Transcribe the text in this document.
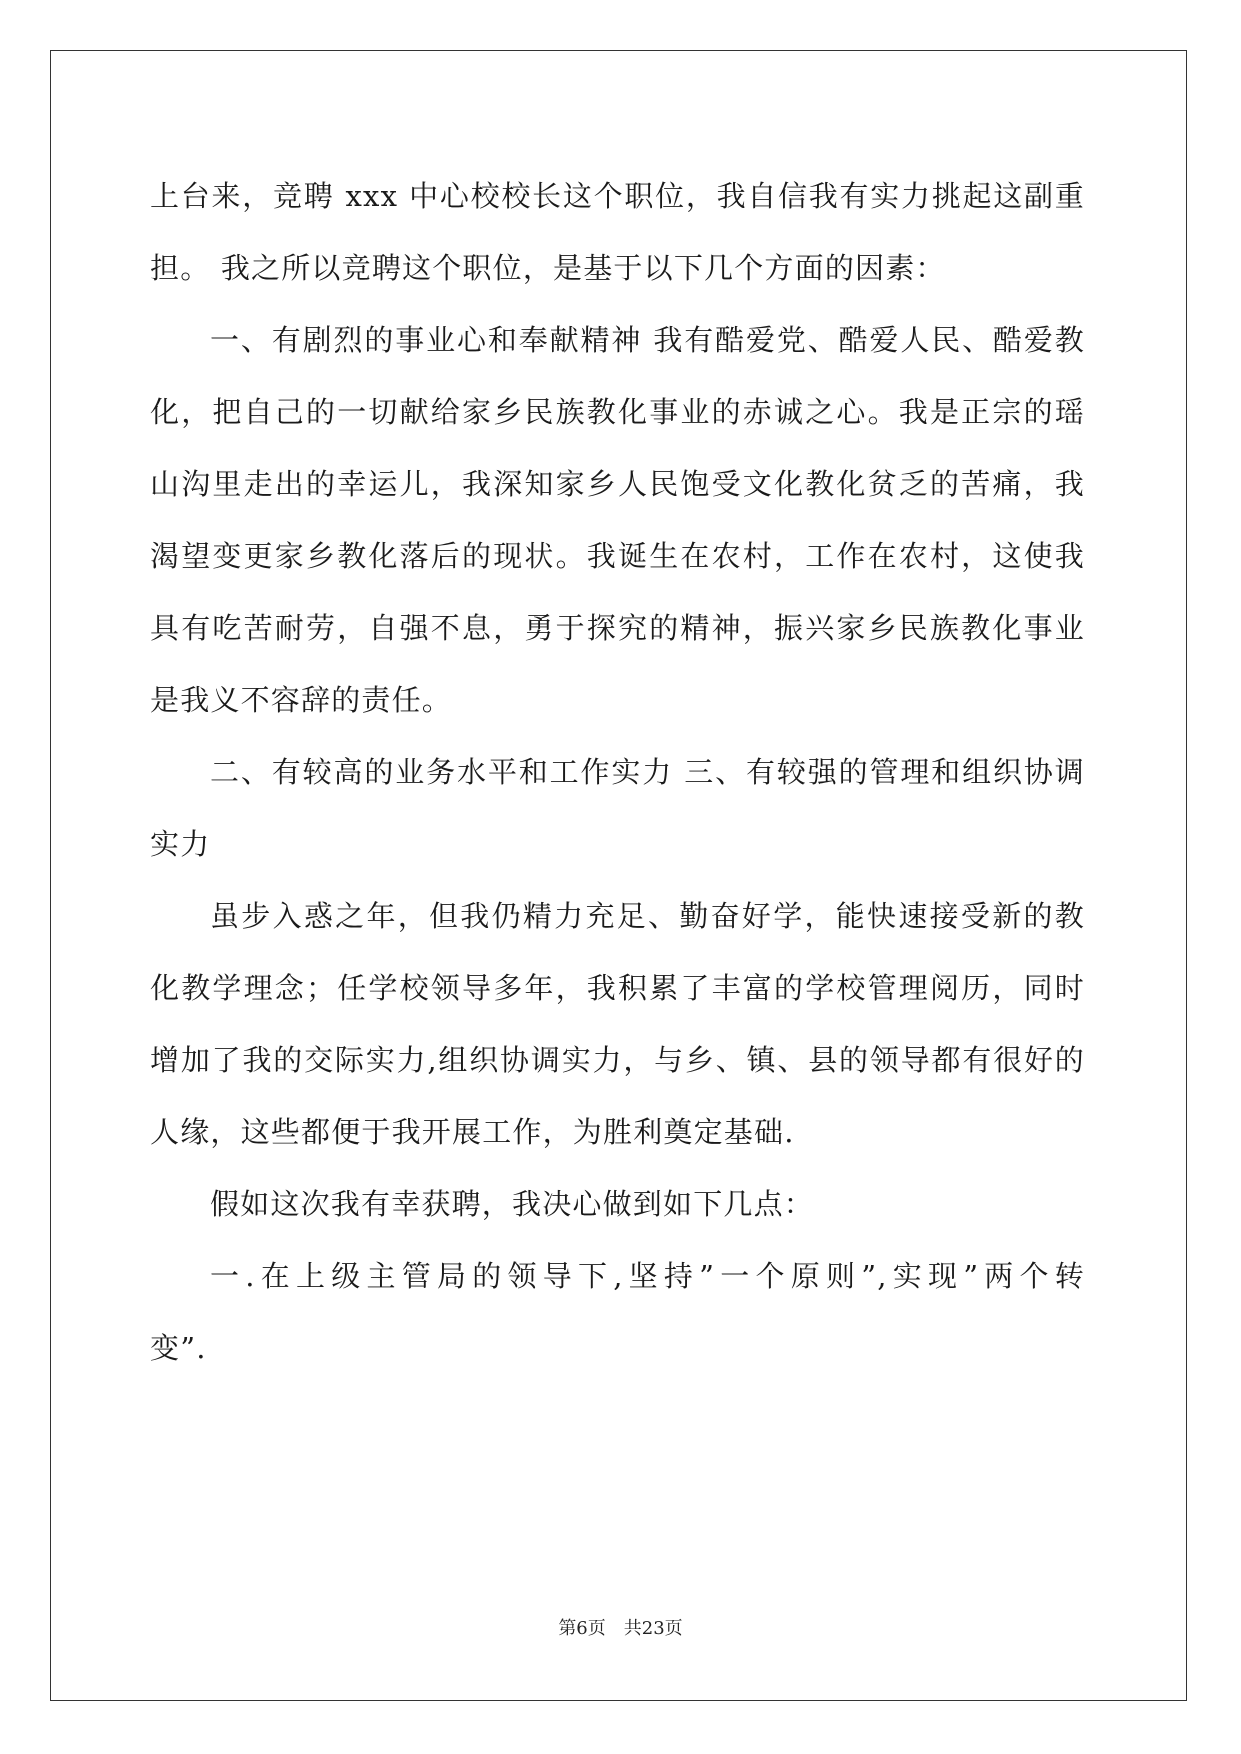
上台来，竞聘 xxx 中心校校长这个职位，我自信我有实力挑起这副重
担。 我之所以竞聘这个职位，是基于以下几个方面的因素：
一、有剧烈的事业心和奉献精神 我有酷爱党、酷爱人民、酷爱教
化，把自己的一切献给家乡民族教化事业的赤诚之心。我是正宗的瑶
山沟里走出的幸运儿，我深知家乡人民饱受文化教化贫乏的苦痛，我
渴望变更家乡教化落后的现状。我诞生在农村，工作在农村，这使我
具有吃苦耐劳，自强不息，勇于探究的精神，振兴家乡民族教化事业
是我义不容辞的责任。
二、有较高的业务水平和工作实力 三、有较强的管理和组织协调
实力
虽步入惑之年，但我仍精力充足、勤奋好学，能快速接受新的教
化教学理念；任学校领导多年，我积累了丰富的学校管理阅历，同时
增加了我的交际实力,组织协调实力，与乡、镇、县的领导都有很好的
人缘，这些都便于我开展工作，为胜利奠定基础.
假如这次我有幸获聘，我决心做到如下几点：
一.在上级主管局的领导下,坚持”一个原则”,实现”两个转
变”.
第6页 共23页
